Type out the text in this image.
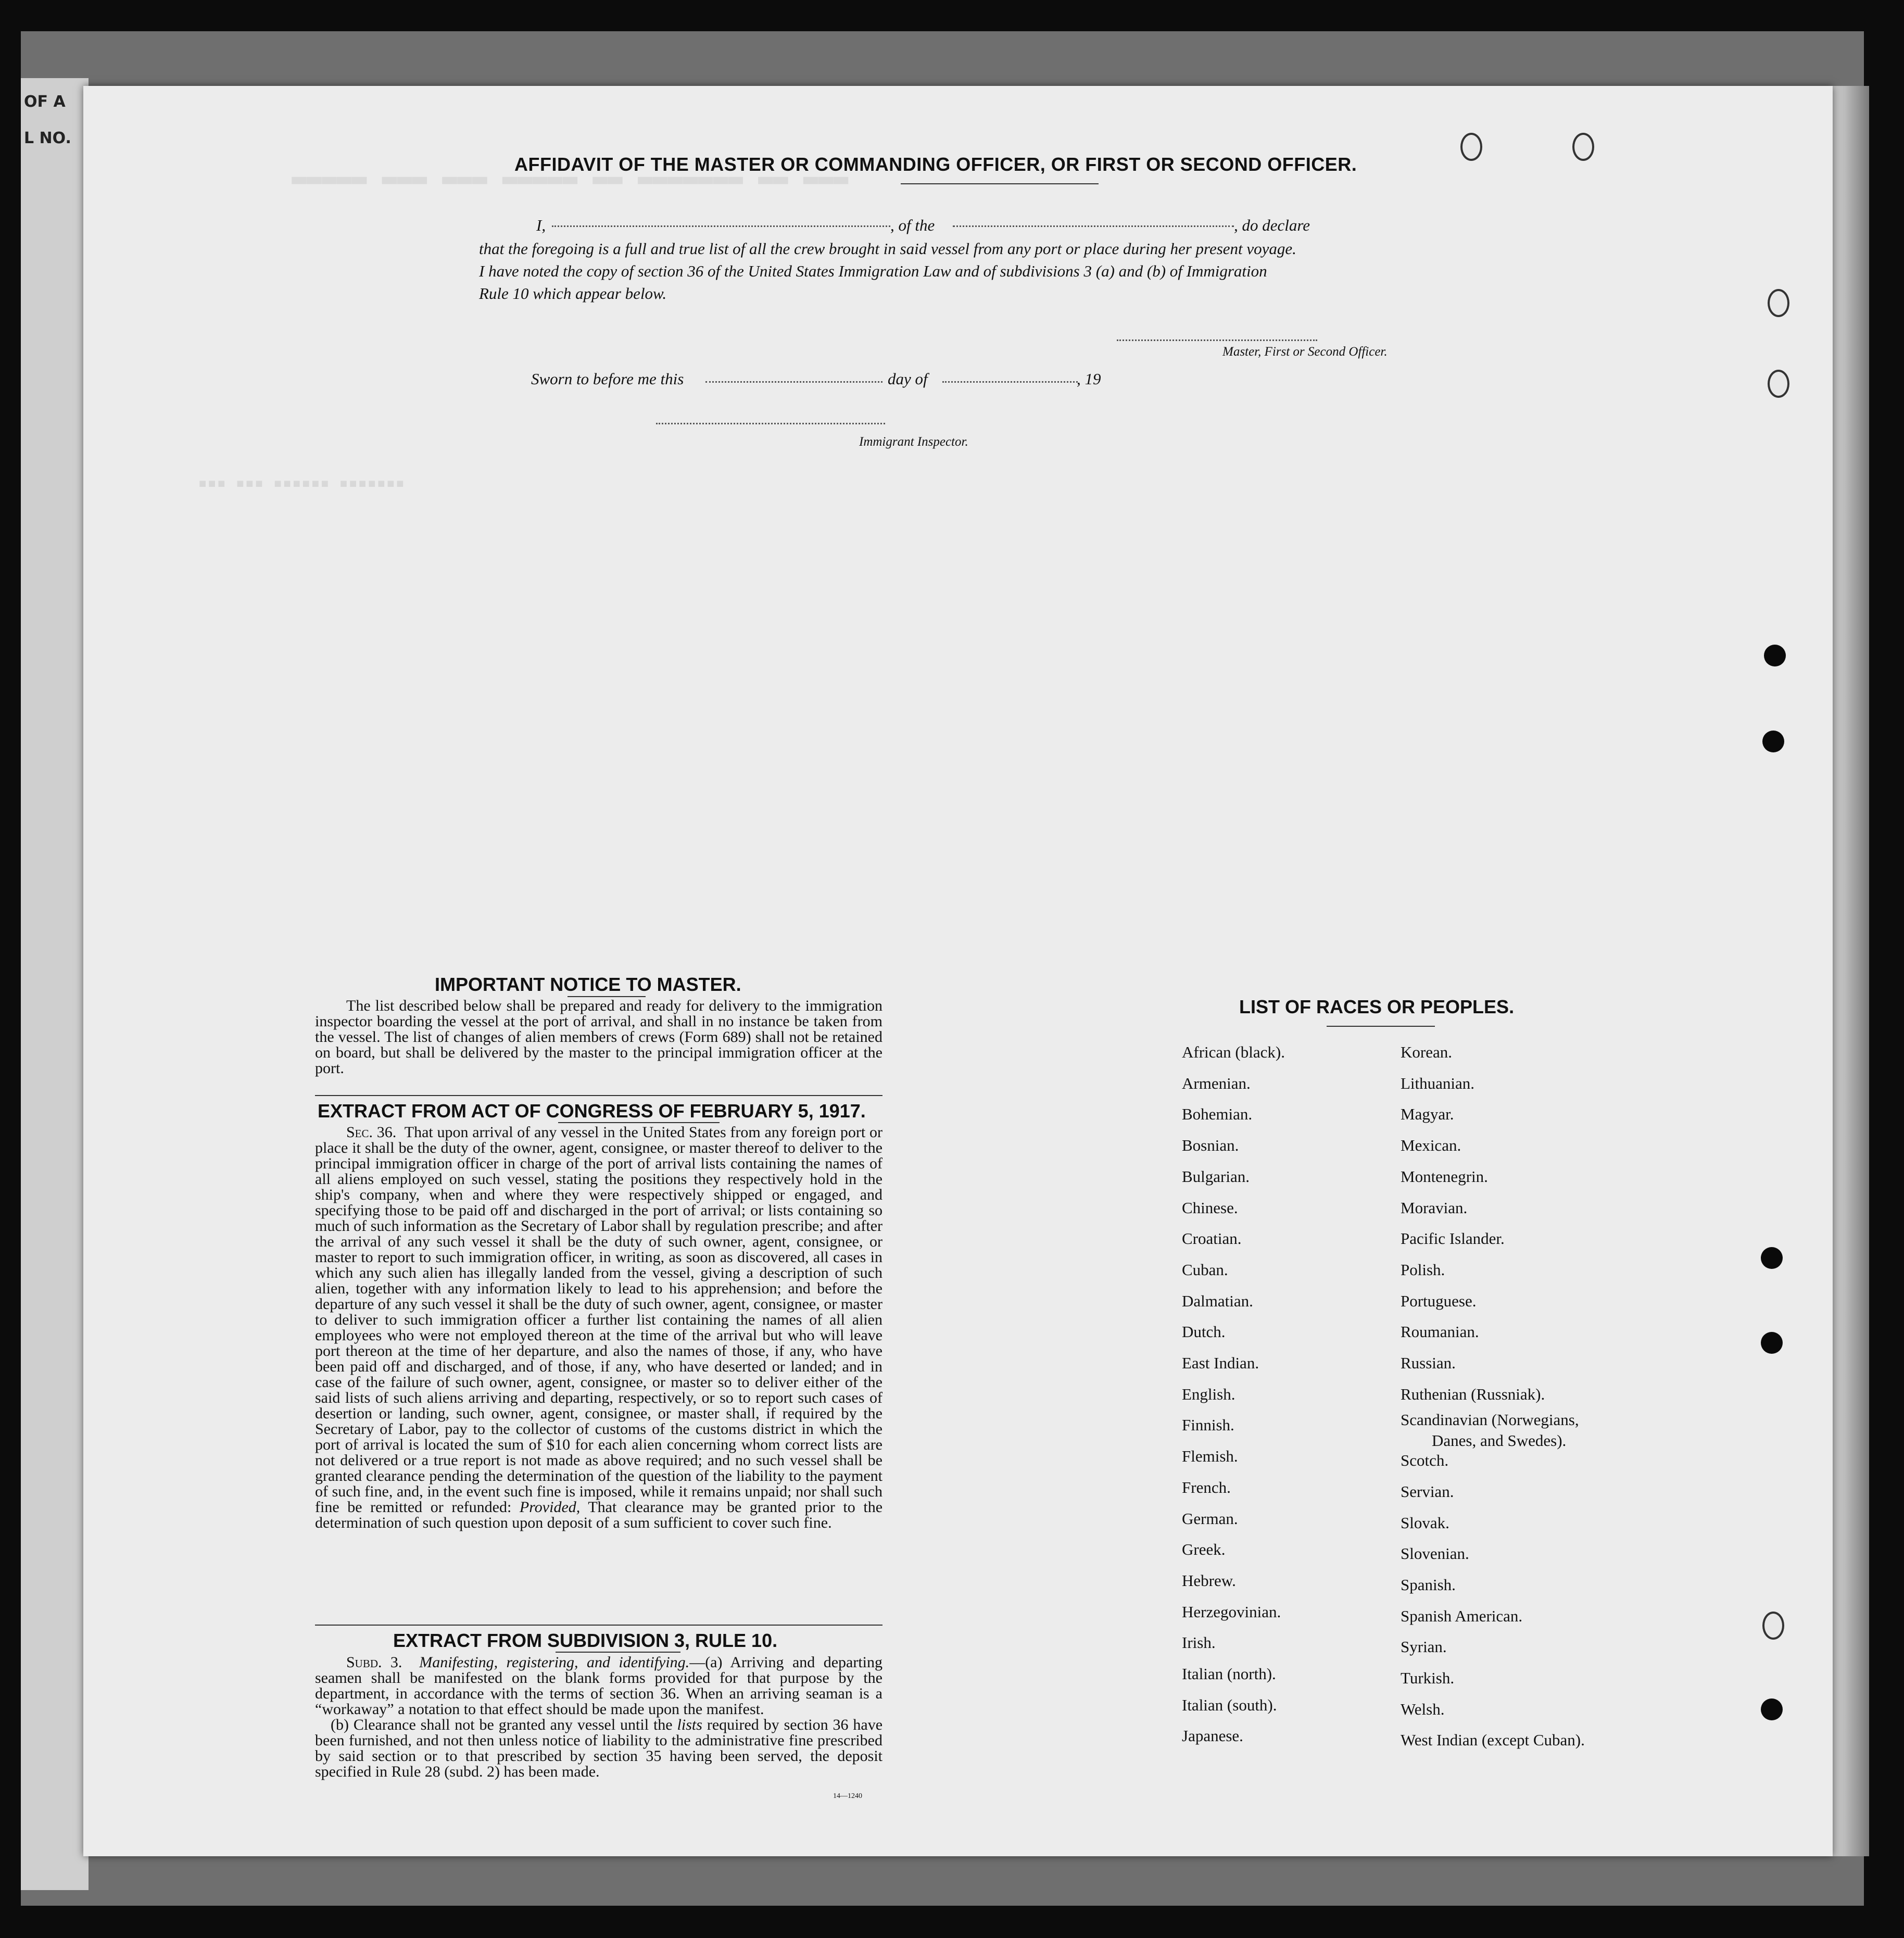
OF A
L NO.
▬▬▬ ▬▬ ▬▬▬▬▬▬▬ ▬▬ ▬▬▬▬▬ ▬▬▬ ▬▬▬ ▬▬▬▬▬
▪▪▪ ▪▪▪ ▪▪▪▪▪▪ ▪▪▪▪▪▪▪
AFFIDAVIT OF THE MASTER OR COMMANDING OFFICER, OR FIRST OR SECOND OFFICER.
I,	, of the	, do declare
that the foregoing is a full and true list of all the crew brought in said vessel from any port or place during her present voyage.
I have noted the copy of section 36 of the United States Immigration Law and of subdivisions 3 (a) and (b) of Immigration
Rule 10 which appear below.
Master, First or Second Officer.
Sworn to before me this	day of	, 19
Immigrant Inspector.
IMPORTANT NOTICE TO MASTER.
The list described below shall be prepared and ready for delivery to the immigration inspector boarding the vessel at the port of arrival, and shall in no instance be taken from the vessel. The list of changes of alien members of crews (Form 689) shall not be retained on board, but shall be delivered by the master to the principal immigration officer at the port.
EXTRACT FROM ACT OF CONGRESS OF FEBRUARY 5, 1917.

Sec. 36. That upon arrival of any vessel in the United States from any foreign port or place it shall be the duty of the owner, agent, consignee, or master thereof to deliver to the principal immigration officer in charge of the port of arrival lists containing the names of all aliens employed on such vessel, stating the positions they respectively hold in the ship's company, when and where they were respectively shipped or engaged, and specifying those to be paid off and discharged in the port of arrival; or lists containing so much of such information as the Secretary of Labor shall by regulation prescribe; and after the arrival of any such vessel it shall be the duty of such owner, agent, consignee, or master to report to such immigration officer, in writing, as soon as discovered, all cases in which any such alien has illegally landed from the vessel, giving a description of such alien, together with any information likely to lead to his apprehension; and before the departure of any such vessel it shall be the duty of such owner, agent, consignee, or master to deliver to such immigration officer a further list containing the names of all alien employees who were not employed thereon at the time of the arrival but who will leave port thereon at the time of her departure, and also the names of those, if any, who have been paid off and discharged, and of those, if any, who have deserted or landed; and in case of the failure of such owner, agent, consignee, or master so to deliver either of the said lists of such aliens arriving and departing, respectively, or so to report such cases of desertion or landing, such owner, agent, consignee, or master shall, if required by the Secretary of Labor, pay to the collector of customs of the customs district in which the port of arrival is located the sum of $10 for each alien concerning whom correct lists are not delivered or a true report is not made as above required; and no such vessel shall be granted clearance pending the determination of the question of the liability to the payment of such fine, and, in the event such fine is imposed, while it remains unpaid; nor shall such fine be remitted or refunded: Provided, That clearance may be granted prior to the determination of such question upon deposit of a sum sufficient to cover such fine.

EXTRACT FROM SUBDIVISION 3, RULE 10.

Subd. 3. Manifesting, registering, and identifying.—(a) Arriving and departing seamen shall be manifested on the blank forms provided for that purpose by the department, in accordance with the terms of section 36. When an arriving seaman is a “workaway” a notation to that effect should be made upon the manifest.

(b) Clearance shall not be granted any vessel until the lists required by section 36 have been furnished, and not then unless notice of liability to the administrative fine prescribed by said section or to that prescribed by section 35 having been served, the deposit specified in Rule 28 (subd. 2) has been made.

14—1240
LIST OF RACES OR PEOPLES.
African (black).
Armenian.
Bohemian.
Bosnian.
Bulgarian.
Chinese.
Croatian.
Cuban.
Dalmatian.
Dutch.
East Indian.
English.
Finnish.
Flemish.
French.
German.
Greek.
Hebrew.
Herzegovinian.
Irish.
Italian (north).
Italian (south).
Japanese.
Korean.
Lithuanian.
Magyar.
Mexican.
Montenegrin.
Moravian.
Pacific Islander.
Polish.
Portuguese.
Roumanian.
Russian.
Ruthenian (Russniak).
Scandinavian (Norwegians,
Danes, and Swedes).
Scotch.
Servian.
Slovak.
Slovenian.
Spanish.
Spanish American.
Syrian.
Turkish.
Welsh.
West Indian (except Cuban).
